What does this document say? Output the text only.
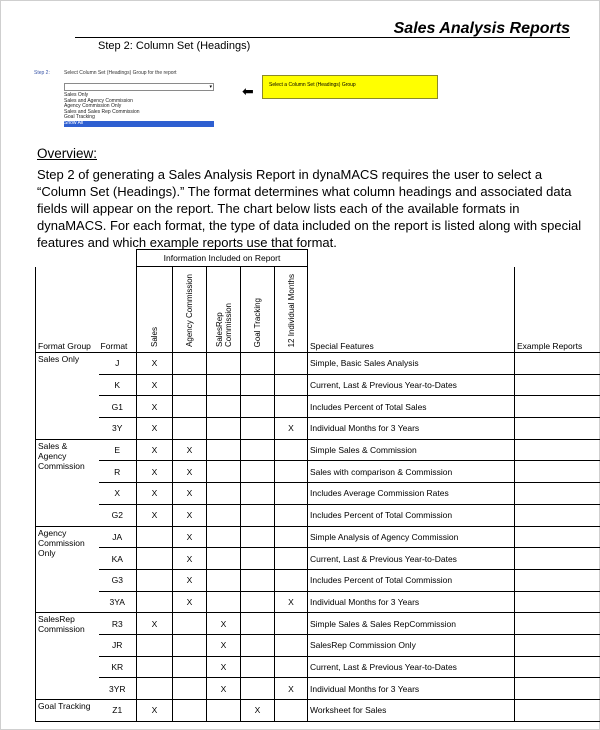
Sales Analysis Reports
Step 2: Column Set (Headings)
Step 2:	Select Column Set (Headings) Group for the report
▾
Sales Only
Sales and Agency Commission
Agency Commission Only
Sales and Sales Rep Commission
Goal Tracking
Show All
⬅	Select a Column Set (Headings) Group
Overview:
Step 2 of generating a Sales Analysis Report in dynaMACS requires the user to select a “Column Set (Headings).” The format determines what column headings and associated data fields will appear on the report. The chart below lists each of the available formats in dynaMACS. For each format, the type of data included on the report is listed along with special features and which example reports use that format.
		Information Included on Report						
Format Group	Format	Sales	Agency Commission	SalesRep Commission	Goal Tracking	12 Individual Months	Special Features	Example Reports
Sales Only	J	X					Simple, Basic Sales Analysis	
	K	X					Current, Last & Previous Year-to-Dates	
	G1	X					Includes Percent of Total Sales	
	3Y	X				X	Individual Months for 3 Years	
Sales & Agency Commission	E	X	X				Simple Sales & Commission	
	R	X	X				Sales with comparison & Commission	
	X	X	X				Includes Average Commission Rates	
	G2	X	X				Includes Percent of Total Commission	
Agency Commission Only	JA		X				Simple Analysis of Agency Commission	
	KA		X				Current, Last & Previous Year-to-Dates	
	G3		X				Includes Percent of Total Commission	
	3YA		X			X	Individual Months for 3 Years	
SalesRep Commission	R3	X		X			Simple Sales & Sales RepCommission	
	JR			X			SalesRep Commission Only	
	KR			X			Current, Last & Previous Year-to-Dates	
	3YR			X		X	Individual Months for 3 Years	
Goal Tracking	Z1	X			X		Worksheet for Sales	
